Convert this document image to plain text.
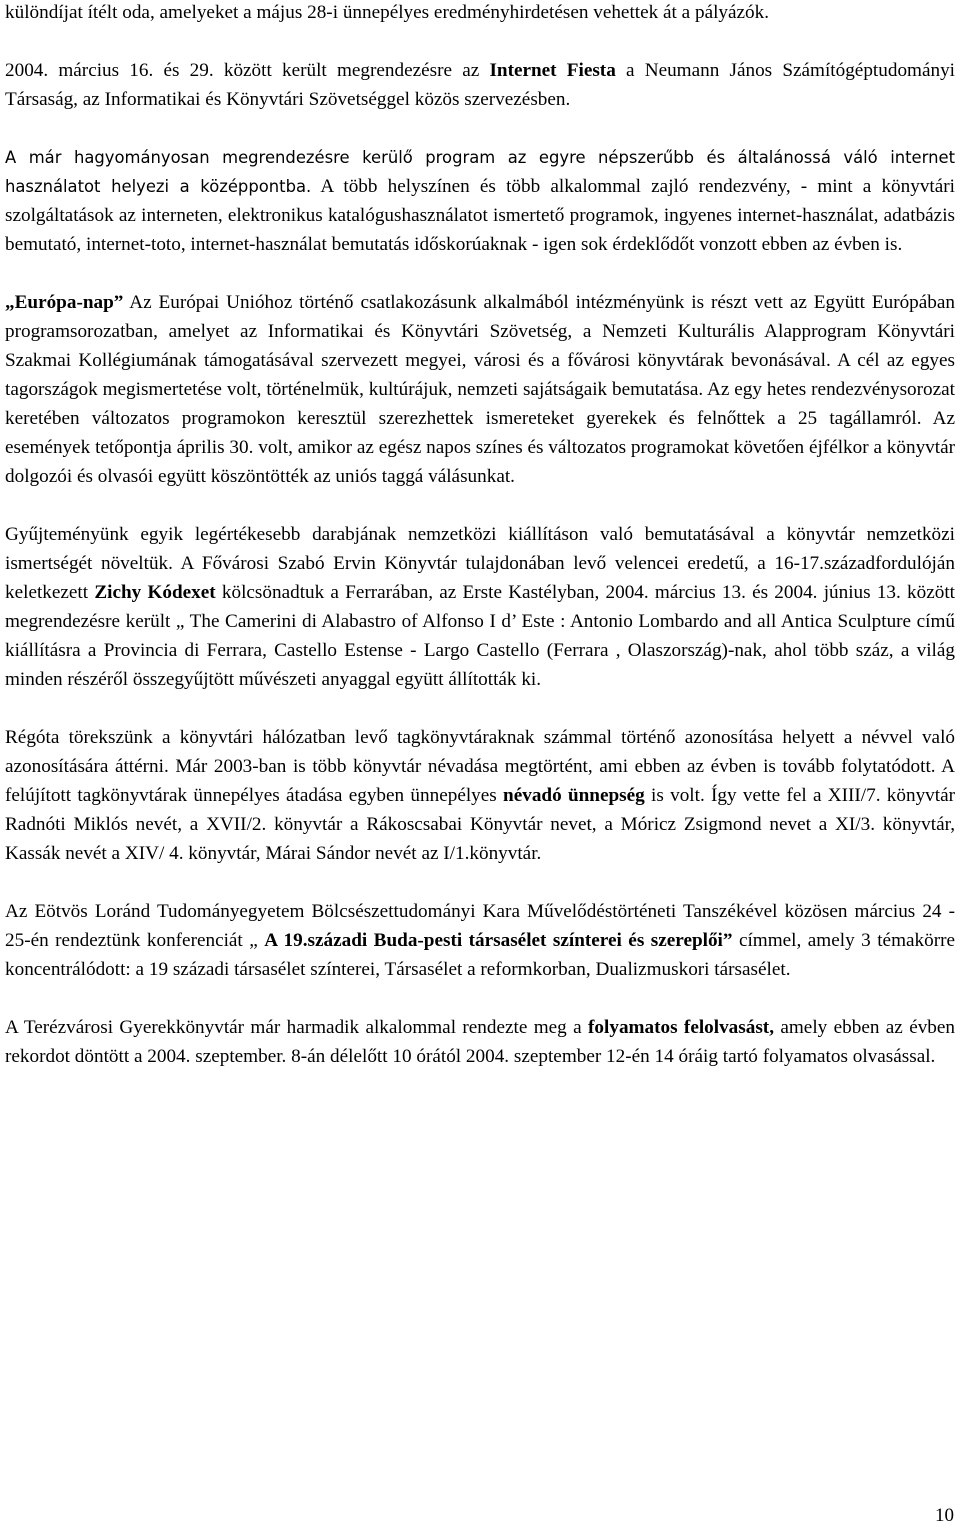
különdíjat ítélt oda, amelyeket a május 28-i ünnepélyes eredményhirdetésen vehettek át a pályázók.

2004. március 16. és 29. között került megrendezésre az Internet Fiesta a Neumann János Számítógéptudományi Társaság, az Informatikai és Könyvtári Szövetséggel közös szervezésben.

A már hagyományosan megrendezésre kerülő program az egyre népszerűbb és általánossá váló internet használatot helyezi a középpontba. A több helyszínen és több alkalommal zajló rendezvény, - mint a könyvtári szolgáltatások az interneten, elektronikus katalógushasználatot ismertető programok, ingyenes internet-használat, adatbázis bemutató, internet-toto, internet-használat bemutatás időskorúaknak - igen sok érdeklődőt vonzott ebben az évben is.

„Európa-nap” Az Európai Unióhoz történő csatlakozásunk alkalmából intézményünk is részt vett az Együtt Európában programsorozatban, amelyet az Informatikai és Könyvtári Szövetség, a Nemzeti Kulturális Alapprogram Könyvtári Szakmai Kollégiumának támogatásával szervezett megyei, városi és a fővárosi könyvtárak bevonásával. A cél az egyes tagországok megismertetése volt, történelmük, kultúrájuk, nemzeti sajátságaik bemutatása. Az egy hetes rendezvénysorozat keretében változatos programokon keresztül szerezhettek ismereteket gyerekek és felnőttek a 25 tagállamról. Az események tetőpontja április 30. volt, amikor az egész napos színes és változatos programokat követően éjfélkor a könyvtár dolgozói és olvasói együtt köszöntötték az uniós taggá válásunkat.

Gyűjteményünk egyik legértékesebb darabjának nemzetközi kiállításon való bemutatásával a könyvtár nemzetközi ismertségét növeltük. A Fővárosi Szabó Ervin Könyvtár tulajdonában levő velencei eredetű, a 16-17.századfordulóján keletkezett Zichy Kódexet kölcsönadtuk a Ferrarában, az Erste Kastélyban, 2004. március 13. és 2004. június 13. között megrendezésre került „ The Camerini di Alabastro of Alfonso I d’ Este : Antonio Lombardo and all Antica Sculpture című kiállításra a Provincia di Ferrara, Castello Estense - Largo Castello (Ferrara , Olaszország)-nak, ahol több száz, a világ minden részéről összegyűjtött művészeti anyaggal együtt állították ki.

Régóta törekszünk a könyvtári hálózatban levő tagkönyvtáraknak számmal történő azonosítása helyett a névvel való azonosítására áttérni. Már 2003-ban is több könyvtár névadása megtörtént, ami ebben az évben is tovább folytatódott. A felújított tagkönyvtárak ünnepélyes átadása egyben ünnepélyes névadó ünnepség is volt. Így vette fel a XIII/7. könyvtár Radnóti Miklós nevét, a XVII/2. könyvtár a Rákoscsabai Könyvtár nevet, a Móricz Zsigmond nevet a XI/3. könyvtár, Kassák nevét a XIV/ 4. könyvtár, Márai Sándor nevét az I/1.könyvtár.

Az Eötvös Loránd Tudományegyetem Bölcsészettudományi Kara Művelődéstörténeti Tanszékével közösen március 24 - 25-én rendeztünk konferenciát „ A 19.századi Buda-pesti társasélet színterei és szereplői” címmel, amely 3 témakörre koncentrálódott: a 19 századi társasélet színterei, Társasélet a reformkorban, Dualizmuskori társasélet.

A Terézvárosi Gyerekkönyvtár már harmadik alkalommal rendezte meg a folyamatos felolvasást, amely ebben az évben rekordot döntött a 2004. szeptember. 8-án délelőtt 10 órától 2004. szeptember 12-én 14 óráig tartó folyamatos olvasással.

10
